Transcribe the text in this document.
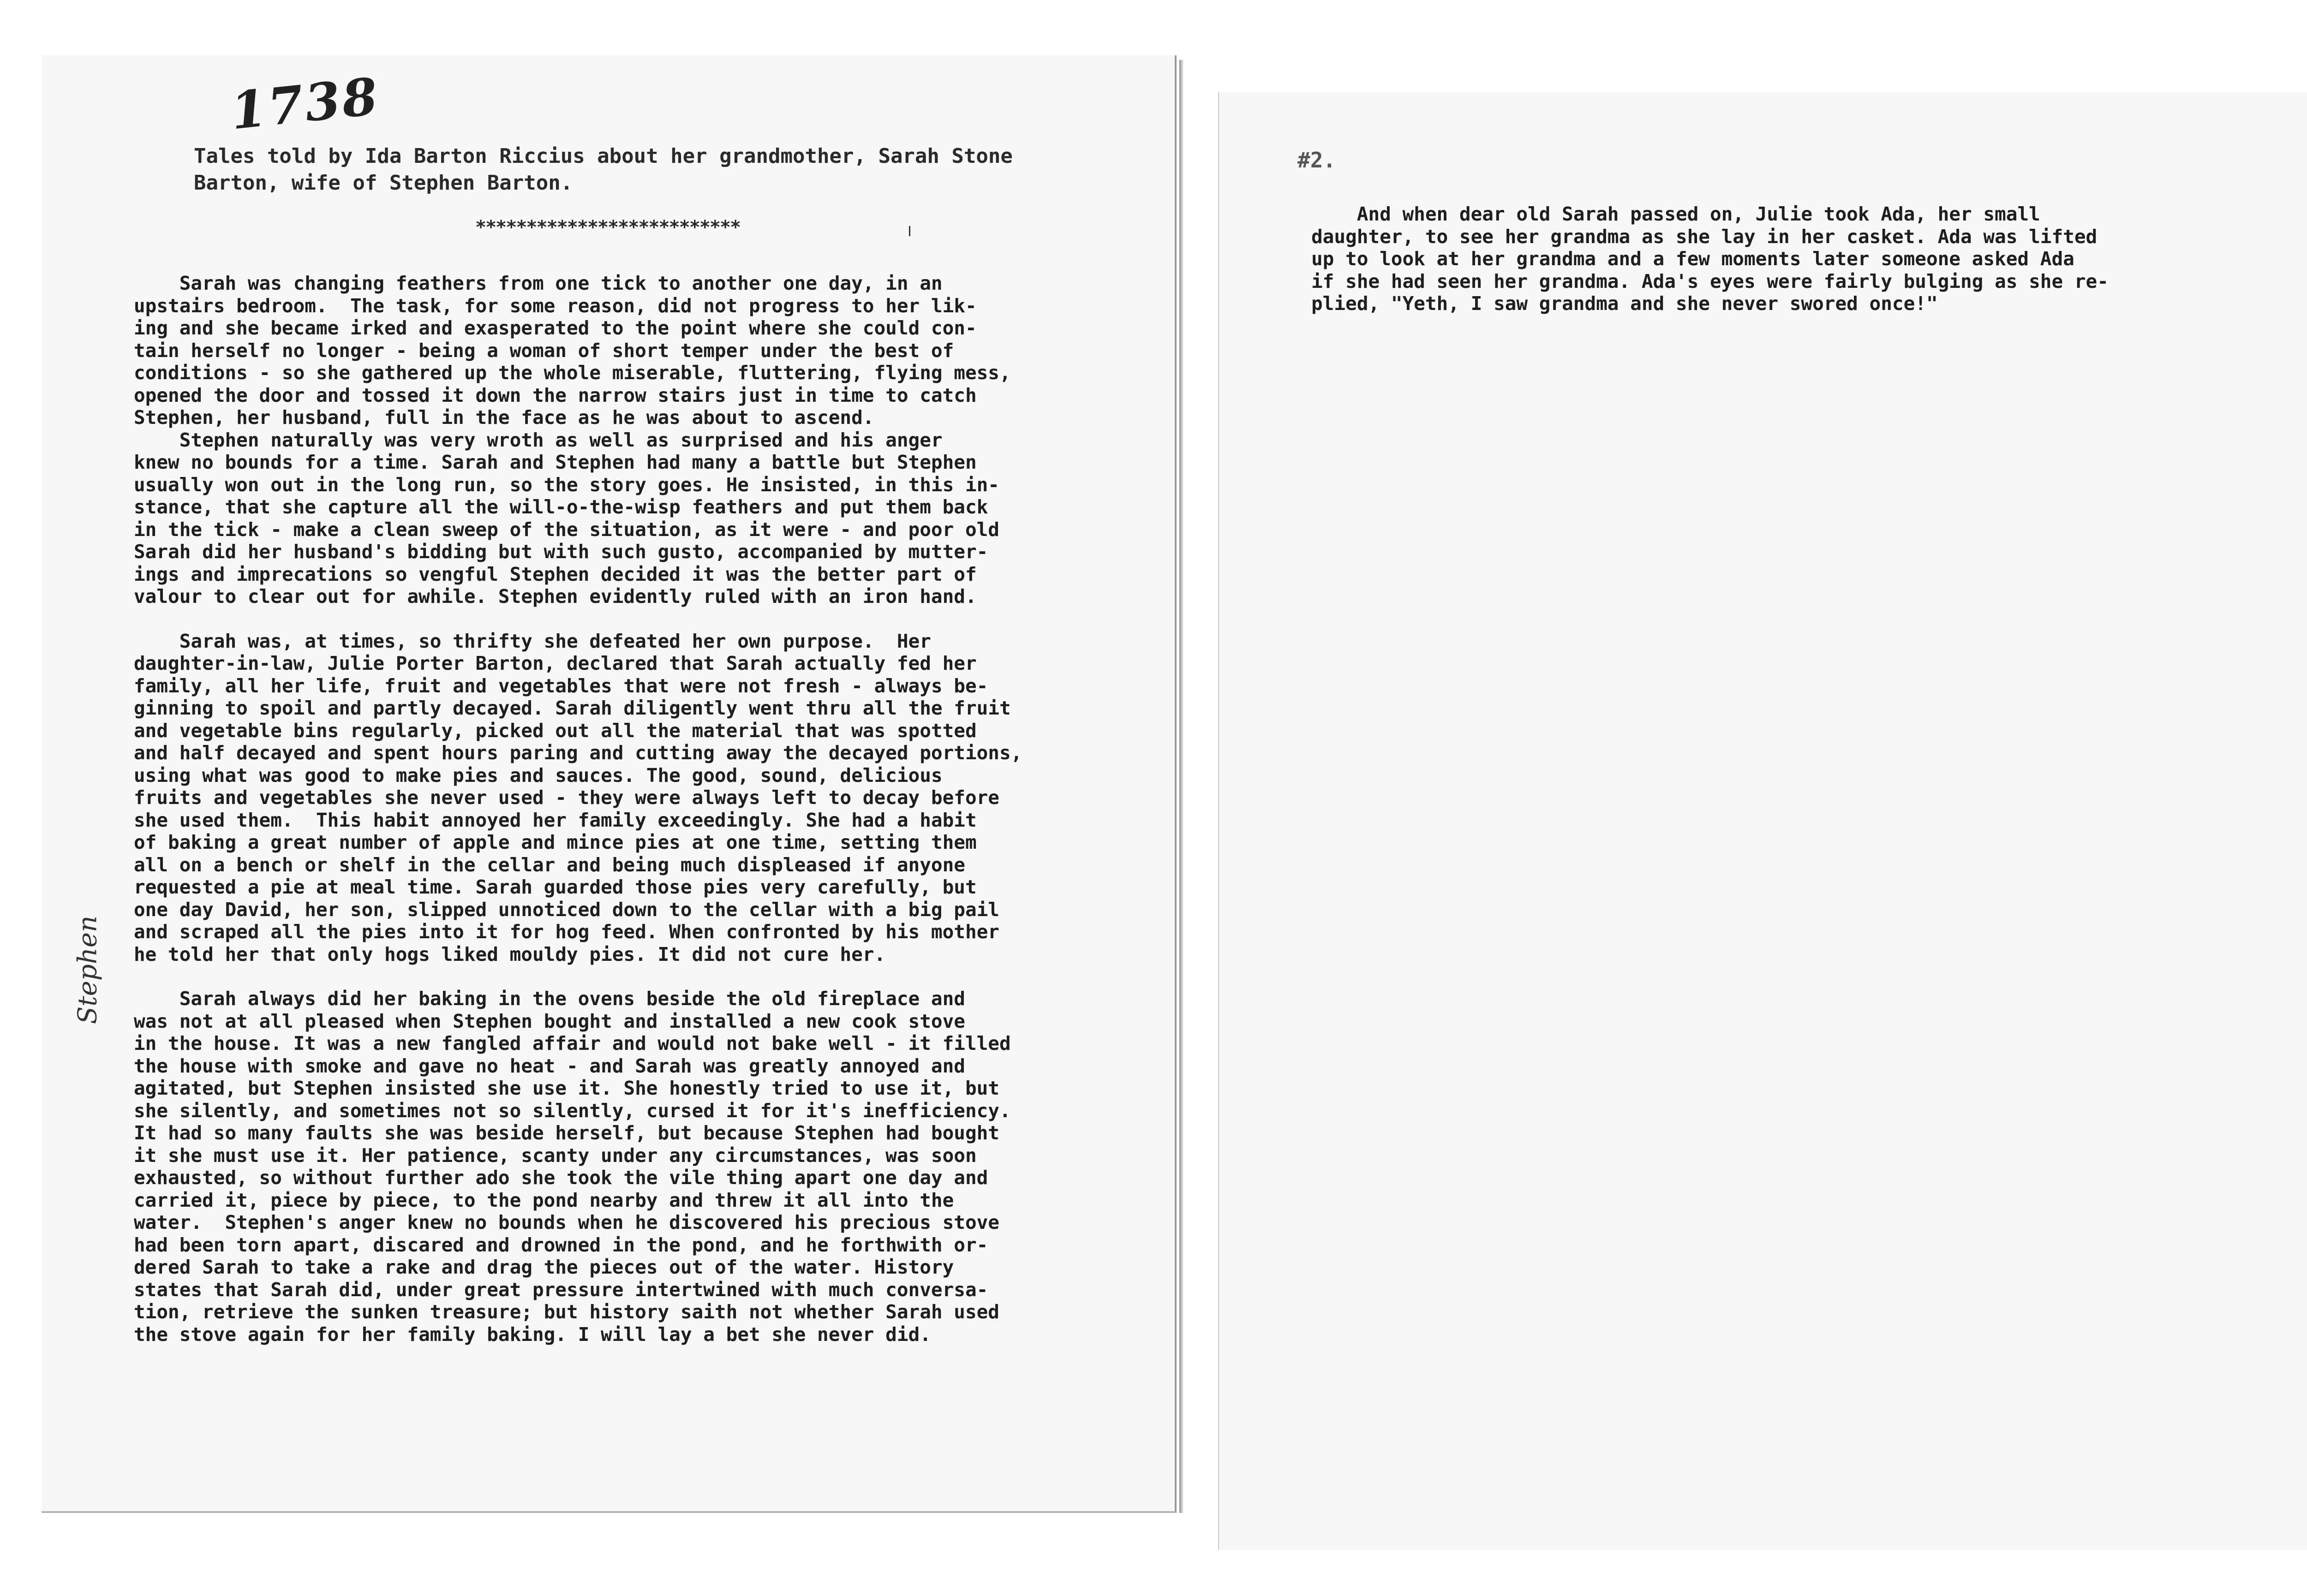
1738
Tales told by Ida Barton Riccius about her grandmother, Sarah Stone
Barton, wife of Stephen Barton.
**************************
Stephen
Sarah was changing feathers from one tick to another one day, in an
upstairs bedroom.  The task, for some reason, did not progress to her lik-
ing and she became irked and exasperated to the point where she could con-
tain herself no longer - being a woman of short temper under the best of
conditions - so she gathered up the whole miserable, fluttering, flying mess,
opened the door and tossed it down the narrow stairs just in time to catch
Stephen, her husband, full in the face as he was about to ascend.
Stephen naturally was very wroth as well as surprised and his anger
knew no bounds for a time. Sarah and Stephen had many a battle but Stephen
usually won out in the long run, so the story goes. He insisted, in this in-
stance, that she capture all the will-o-the-wisp feathers and put them back
in the tick - make a clean sweep of the situation, as it were - and poor old
Sarah did her husband's bidding but with such gusto, accompanied by mutter-
ings and imprecations so vengful Stephen decided it was the better part of
valour to clear out for awhile. Stephen evidently ruled with an iron hand.
Sarah was, at times, so thrifty she defeated her own purpose.  Her
daughter-in-law, Julie Porter Barton, declared that Sarah actually fed her
family, all her life, fruit and vegetables that were not fresh - always be-
ginning to spoil and partly decayed. Sarah diligently went thru all the fruit
and vegetable bins regularly, picked out all the material that was spotted
and half decayed and spent hours paring and cutting away the decayed portions,
using what was good to make pies and sauces. The good, sound, delicious
fruits and vegetables she never used - they were always left to decay before
she used them.  This habit annoyed her family exceedingly. She had a habit
of baking a great number of apple and mince pies at one time, setting them
all on a bench or shelf in the cellar and being much displeased if anyone
requested a pie at meal time. Sarah guarded those pies very carefully, but
one day David, her son, slipped unnoticed down to the cellar with a big pail
and scraped all the pies into it for hog feed. When confronted by his mother
he told her that only hogs liked mouldy pies. It did not cure her.
Sarah always did her baking in the ovens beside the old fireplace and
was not at all pleased when Stephen bought and installed a new cook stove
in the house. It was a new fangled affair and would not bake well - it filled
the house with smoke and gave no heat - and Sarah was greatly annoyed and
agitated, but Stephen insisted she use it. She honestly tried to use it, but
she silently, and sometimes not so silently, cursed it for it's inefficiency.
It had so many faults she was beside herself, but because Stephen had bought
it she must use it. Her patience, scanty under any circumstances, was soon
exhausted, so without further ado she took the vile thing apart one day and
carried it, piece by piece, to the pond nearby and threw it all into the
water.  Stephen's anger knew no bounds when he discovered his precious stove
had been torn apart, discared and drowned in the pond, and he forthwith or-
dered Sarah to take a rake and drag the pieces out of the water. History
states that Sarah did, under great pressure intertwined with much conversa-
tion, retrieve the sunken treasure; but history saith not whether Sarah used
the stove again for her family baking. I will lay a bet she never did.
#2.
And when dear old Sarah passed on, Julie took Ada, her small
daughter, to see her grandma as she lay in her casket. Ada was lifted
up to look at her grandma and a few moments later someone asked Ada
if she had seen her grandma. Ada's eyes were fairly bulging as she re-
plied, "Yeth, I saw grandma and she never swored once!"
